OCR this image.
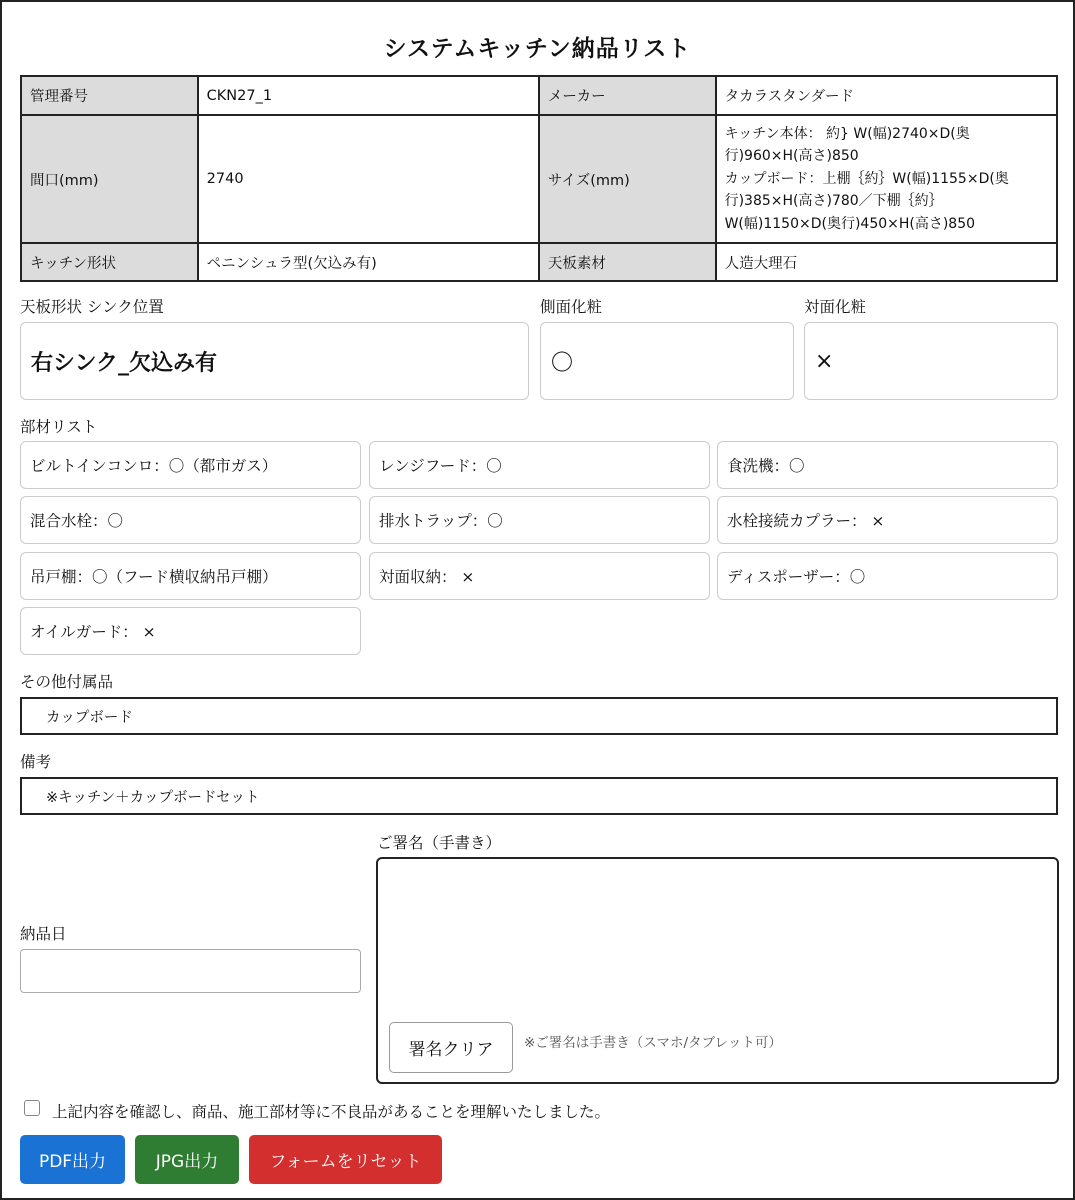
システムキッチン納品リスト
管理番号	CKN27_1	メーカー	タカラスタンダード
間口(mm)	2740	サイズ(mm)	キッチン本体： 約} W(幅)2740×D(奥
行)960×H(高さ)850
カップボード：上棚｛約｝W(幅)1155×D(奥
行)385×H(高さ)780／下棚｛約｝
W(幅)1150×D(奥行)450×H(高さ)850

キッチン形状	ペニンシュラ型(欠込み有)	天板素材	人造大理石
天板形状 シンク位置	側面化粧	対面化粧
右シンク_欠込み有	〇	×
部材リスト
ビルトインコンロ：〇（都市ガス）	レンジフード：〇	食洗機：〇
混合水栓：〇	排水トラップ：〇	水栓接続カプラー： ×
吊戸棚：〇（フード横収納吊戸棚）	対面収納： ×	ディスポーザー：〇
オイルガード： ×
その他付属品
カップボード
備考
※キッチン＋カップボードセット
納品日
ご署名（手書き）
署名クリア	※ご署名は手書き（スマホ/タブレット可）
上記内容を確認し、商品、施工部材等に不良品があることを理解いたしました。
PDF出力	JPG出力	フォームをリセット
